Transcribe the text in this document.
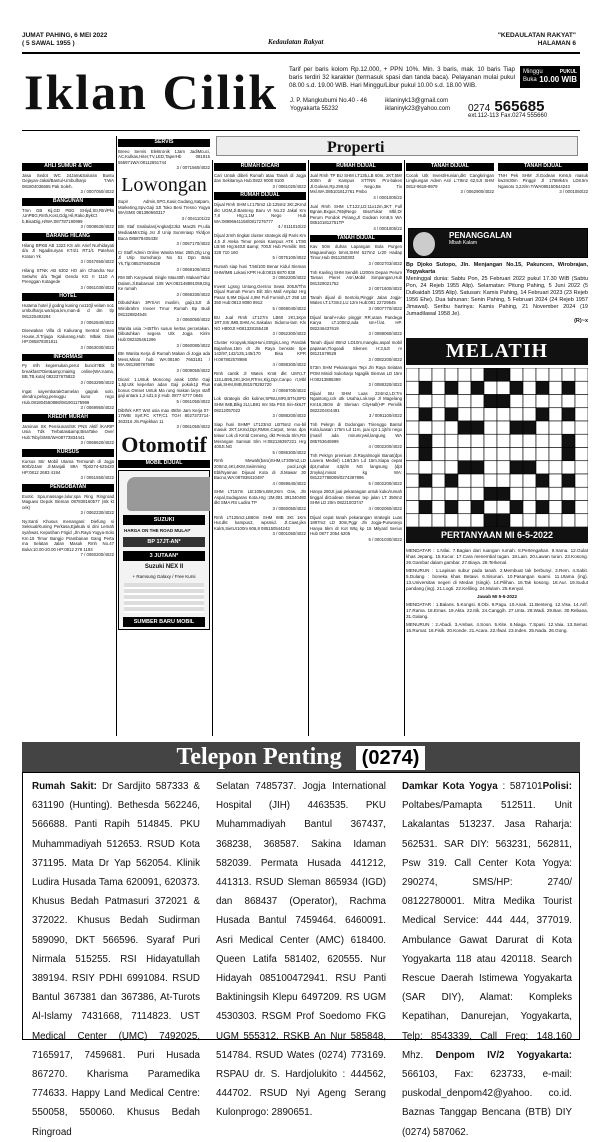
JUMAT PAHING, 6 MEI 2022
( 5 SAWAL 1955 )	Kedaulatan Rakyat
"KEDAULATAN RAKYAT"
HALAMAN 6
Iklan Cilik Tarif per baris kolom Rp.12.000, + PPN 10%. Min. 3 baris, mak. 10 baris Tiap baris terdiri 32 karakter (termasuk spasi dan tanda baca). Pelayanan mulai pukul 08.00 s.d. 19.00 WIB. Hari Minggu/Libur pukul 10.00 s.d. 18.00 WIB.
Minggu
Buka
PUKUL
10.00 WIB
J. P. Mangkubumi No.40 - 46
Yogyakarta 55232
iklaninyk13@gmail.com
iklaninyk23@yahoo.com 0274 565685
ext.112-113 Fax.0274 555660
Properti
AHLI SUMUR & WC
Jasa Sedot WC 24Jam&Saluran Buntu Gejayan-Jakal/Bantul-Umbulharjo T.WA 081804036655 Pak Soleh.
3 / 0007050/4022
BANGUNAN
Tmn GB Kij,GD PBG SHiyd,Str,Rtn/Pks ,UnPBG,Rnth,Kost,Gdg,Hil,Rako,BykCt b,BisaDig,H/WA:087787190999
3 / 0008630/4022
BARANG HILANG
Hilang BPKB AB 1323 KS a/n Arief Nurhidayati d/a Jl Ngadisuryan KT4/1 RT1/1 Patehan Kraton Yk
3 / 0047650/4022
Hilang STNK AB 6302 HO a/n Chandra Nur Setiwhs d/a Tegal Gendu KG II 1110 A Prenggan Kotagede
3 / 0061030/4022
HOTEL
Hutama hotel jl godng kuning no110jl velam no1 umbulharjo.wa:kipa,km,man-di d dm tlp 081225493284
3 / 0062840/4022
Disewakan Villa di Kaliurang Sentral Green House,Jl.Trijuga Kaliurang,Hub: Mbak Dian HP:085878301811
3 / 0063030/4022
INFORMASI
Py mlh kegemukan,perut buncit?Btk fit breakfast?Diet&amp;maintg online(WA:nama, BB,TB,kota) 082237675822
3 / 0063290/4022
Ingat sayembarakGamelan gagrak solo, slendro,pelog,penuggu kuno rego Hub.081804550888/081901175999
3 / 0069950/4022
KREDIT MURAH
Jaminan SK Pensiunan/SK PNS Aktif /KARIP Usia Tdk Terbatas&amp;BisaTake Over Hub:Tsby/SMS/WA08773834441
3 / 0068620/4022
KURSUS
Kursus Stir Mobil Utama Termurah di Jogja 80rb/2Jam Jl.Manjali 89A Tlp0274-625420 HP:0812 2683 4194
3 / 0051550/4022
PENGOBATAN
Exotic Spa,massage,lulur,spa Ring Ringroad Maguwo Depok Sleman 087838160577 (stk kt cek)
3 / 0062230/4022
Ny.Santi Khusus menangani: Diefung si Seksual/Kuning Perkasa,Ejakula si dini Lemah syahwat, Keputihan Frigid ,Jln.Raya Yogya-Solo Km.15 Timur Bangjo Prambanan Gang Perta ma Selatan Jalan Masuk Rmh No.47 Buka:10.00-20.00 HP:0812 278 1193
7 / 0060200/4022
SERVIS
Breeo Servis Elektronik 1Jam JadiMcuci, AC,Kulkas,Hiter,TV,LED,TaperHb 081815 555971WA:08112651744
3 / 0071560/4022
Lowongan
Supir Admin,SPG,Kasir,Gudang,Satpam, Marketing,Spv,Gaji 3Jt Toko Besi Tresno Yogya WA/SMS 081390660317
3 / 0041101/22
Btn Staf Snabulan(Angkat)2Jk2 Max25 Pr,ulia Media&Mrs:Dig Jsr Jl Unip Sunmriasp Yk/djon Baca 085878405438
3 / 0067170/4022
Cr Staff Admin Online Wanita Max: 25th,Dlg Lng Jl Urip Sumoharjo No 51 Dpn Bala Yk,Tlp:085378405438
3 / 0068100/4022
RM Bth Karyawati Single Max40th Makan/Tidur Dalam,Jl.Babarsari 108 WA:082148891059,Dtg Ke rumah
3 / 0068330/4022
Dibutuhkan 3Prt/Art muslim, gaji1,5Jt di Wirobrahm Invoer Tmur Rumah Bp Budi 081328824545
3 / 0060050/4022
Wanita usia :>45Thn susun kertas percetakan. Dibutuhkan segera Utk Jogja Kirim Hub:082325461296
3 / 0060080/4022
Btn Wanita Kerja di Rumah Makan di Jogja ada Mess,Minat hub WA:08190 7663181 / WA:081390787696
3 / 0009050/4022
Dicari: 1.Untuk Moncong anak 10thn Gaji 1,5jt.Utk keperlan adan Gaji pokok1jt Plus bonus Omset Untuk Ma rung makan larys staff gaji antara 1,2 sd1,5 jt Hub: 0877 6777 0845
5 / 0061050/4022
Dibthrk ART Wnt usia max 45thn Jam Kerja 07-17WIB Syrt:FC KTP,C1 TGH 8027373714-363316 Jln.Pajekkan 11
3 / 0061050/4022
Otomotif
MOBIL DIJUAL
SUZUKI
HARGA ON THE ROAD MULAI*
BP 17JT-AN*
3 JUTAAN*
Suzuki NEX II
+ Ramsung Galaxy / Free Kursi
SUMBER BARU MOBIL
RUMAH DICARI
Cari Untuk dibeli Rumah atau Tanah di Jogja dan Sekitarnya Hub:0822 9000 9100
3 / 0061020/4022
RUMAH DIJUAL
Dijual Rmh SHM Lt:175m2 Lb:125m2 3Kt,2Kmd dkt UGM,Jl.Banteng Baru VI No.22 Jakal Km 7,8 Hrg:1,1M Nego Hub WA:08996641158/0817276777
4 / 0111010/22
Dijual 2rmh tingkat cluster strategis dijl Paris Km 4,5 Jl Ateka Timur persis Kampus ATK LT:80 LB:90 Hrg:640Jt &amp; 700Jt Hub Pemilik: 081 328 710 160
5 / 0075100/4022
Rumah siap huni T.56/100 Benar Kidul Sleman SHM/IMB Lokasi KPR Hub:0815 6870 838
3 / 0062200/4022
Invest Lgsng Untung,Gersno Sewa 206Jt/Thn Dijual Rumah Perum Elit Slm Mall Amplaz Hrg Pasar 6,9M Dijual 4,9M Full Furnish,LT 258 LB 350 Hub:0813 8080 8912
5 / 0068040/4022
BU Jual Rmh LT127m LB60 2Kt,1Kpn 1RT,Srtr,IMB,SHM,Ac.Sakalan Sidomo-lam Kls NG H800Jt H081328155428
3 / 0062300/4022
Cluster Kropyak,SiapHuni,Strtgis,Lnng Pandak Bajanhan,15m dr Jln Raya bensste tipe 142/97,142/125,145/170 Bisa KPR H:087802578986
4 / 0088300/4022
Rmh cantik Jl Wates Km8 dkt UMY,LT 115,LB95,2Kt,1KM,RTrns,Klg,Dpr,Canpo rt,Mbl mak,SHM,IMB,081578292720
3 / 0068700/4022
Lok strategis dkt kuliner,SPBU,MRI,BTN,BPD SHM IMB,Blkg 2Lt,LB91 Imr Sta PSS Sin-4k6JT 08212057022
3 / 0088200/4022
Siap huni SHMP LT123m2 LB75m2 mo-bil masuk 2KT,1Kmd,Dpr,RMtm,Carpot, teras dpn telaor Lok di Kmtd Cemeng, dkt Pemda Slm,RS Merangan Samsat Slm H:082136397221 Hrg 400Jt.NG
5 / 0086300/4022
Rmh Mewah(baru)SHM,LT309m2,LD 200m2,4Kt,4KM,Swimming pool,Lngk Ebl/Nyaman Dijuual Kota di Jl.Mawar 30 Bacno,WA:087838410497
4 / 0069640/4022
SHM LT157m LB:105m,BW,2Km Grw, Jln Aspal,Sudagaran Kota,Hrg :2M,081 391340480 dkt SMA RS Ludira TP
3 / 0060050/4022
Rmh LT125m2,LB60m SHM IMB 2Kt 1Km Hut,dkt kampus2, wpsmid. Jl.Cawt,jikn Kalr6,SietUr100m 606,8 085150544243
3 / 0001050/4022
RUMAH DIJUAL
Jual Rmh TP BU SHM LT135,LB 60m, 2KT,5Mr 200m dr Kampus STTNN Pro-bakes Jl.Golean,Rp.299,5jt Nego,Be Tix Msl.WA:085101812761 Pmbo
4 / 0001005/22
Jual Rmh SHM LT:122,LD:11x12m,3KT Full Bgnan,Bxgus,765jtNego BisaTukar Mbl,Dr Perum Pondok Piriang,Jl Godean Km8,5 WA 085101812751TP
4 / 0001005/22
TANAH DIJUAL
Kav 50m dulras Lapangan Bola Purgen Maguwoharjo 5mnt,SHM 527m2 Lr20 Hadap Timur,Hub 0811250303
3 / 0002703/4022
Tnh Kavling SHM Sendih Lt200m Depan Perum Taman Pleret Asri,Mobil Simpangan,Hub 081329021752
3 / 0071600/4022
Tanah dijual di Sentolo,Pinggir Jalan Jogja-Wates LT.173m2,LU 12m Hub:081 22729545
3 / 0007770/4022
Dijual tanah+ruko pinggir RR,utara Pandega Karya LT.100m2,ada sm+f.lat. HP. 082246437619
3 / 0088060/4022
Tanah dijual 80m2 LD10m,mangku,aspal mobil papasan,Tlogoadi Slemen H:3,5Jt m 08121578529
3 / 0082200/4022
573m SHM Pekarangan Tepi Jln Raya Selatan POM Minidi Sukoharjo Ngaglik Sleman LD 15m H:08213885399
3 / 0088320/4022
Dijual BU SHM Luas 224m2,LD:7m Ngantong,cck utk Usaha,Lok.tepi Jl Magelang Km16,350m dr Sleman CityHall(HP Pemilik 0822204G4491
3 / 0091100/4022
Tnh Pekrgn di Godongan Trirenggo Bantul Kota,luasan 175m Ld 11m, juai cpt 1,1jt/m nego (masif ada mirumrywil,langung WA 085763645999
4 / 0002200/4022
Tnh Pekrgn premium Jl.Rayalmogiri Banat(dpn Lavera Mediel) L18/13m Ld 15m.Siapa cepat dpt,mahar 4,5jt/m NG langsung (dpt 2myka).minat kg WA: 081227788009/0274387896
5 / 0002200/4022
Hanya 280Jt juai pekarangan untuk kuko/rumah tinggal diGodean Sleman tep jalan LT 350m2 SHM LD 20m 08221003747
4 / 0002060/4022
Dijual cepat tanah pekarangan strategis Luas 1897m2 LD 30m,Pggr Jln Jogja-Purworejo Hanya 5km dr Kot Wtq kp 15 Milyard Serius Hub 0877 2054 6205
5 / 0001030/4022
TANAH DIJUAL
Cocok Utk Invest/Hunian,dkt Cangkringan Lingkungan Adem Asri L:78m2 62,5Jt SHM 0812-9618-8979
3 / 0062900/4022
TANAH DIJUAL
TNH Pek SHM Jl.Godean Km6,5 masuk kw2m30m Pinggir Jl 175Mk4m LD8.5m Nganoto 3,2Jt/m T/WA085150544243
3 / 0001050/22
PENANGGALAN
Mbah Kalam
Bp Djoko Sutopo, Jln. Menjangan No.15, Pakuncen, Wirobrajan, Yogyakarta
Meninggal dunia: Sabtu Pon, 25 Februari 2022 pukul 17.30 WIB (Sabtu Pon, 24 Rejeb 1955 Alip). Selamatan: Pitung Pahing, 5 Juni 2022 (5 Dulkaidah 1955 Alip). Satusan: Kamis Pahing, 14 Februari 2023 (23 Rejeb 1956 Ehe). Dua tahunan: Senin Pahing, 5 Februari 2024 (24 Rejeb 1957 Jimawal). Seribu harinya: Kamis Pahing, 21 November 2024 (19 Jumadilawal 1958 Je).
(R)~x
MELATIH
PERTANYAAN MI 6-5-2022

MENDATAR : 1.Nilai. 7.Bagian dari ruangan rumah. 8.Pertengahan. 9.Irama. 12.Gulat khas Jepang. 15.Kucur. 17.Cara menembal tugan. 18.Lain. 20.Lawan turun. 23.Kosong. 26.Gambar dalam gambar. 27.Biaya. 28.Terkenal.

MENURUN : 1.Lapisan subur pada tanah. 2.Membuat tak berbunyi. 3.Rem. 4.Sabit. 5.Dulang : boneka khas Betawi. 6.Sisunan. 10.Pasangan suami. 11.Utama (ing). 13.Universitas negeri di Medan (singk). 14.Pilihan. 16.Tak kosong. 18.Aur. 19.Sudut pandang (ing). 21.Logti. 22.Keliling. 24.Mulam. 25.Kenyal.

Jawab MI 5-5-2022

MENDATAR : 1.Balans. 5.Kongsi. 8.Obi. 9.Pagu. 10.Anak. 11.Benteng. 12.Visa. 14.Arif. 17.Rama. 18.Emas. 19.Akta. 22.Itik. 24.Canggih. 27.Unta. 28.Wadi. 29.Ban. 30.Rebana. 31.Galang.

MENURUN : 2.Abadi. 3.Ambas. 4.Soon. 5.Kite. 6.Niaga. 7.Spasi. 12.Vaia. 13.Semat. 15.Rumat. 16.Fisik. 20.Konde. 21.Acara. 22.Ifwal. 23.Inden. 25.Nada. 26.Gong.

Telepon Penting (0274)
Rumah Sakit: Dr Sardjito 587333 & 631190 (Hunting). Bethesda 562246, 566688. Panti Rapih 514845. PKU Muhammadiyah 512653. RSUD Kota 371195. Mata Dr Yap 562054. Klinik Ludira Husada Tama 620091, 620373. Khusus Bedah Patmasuri 372021 & 372022. Khusus Bedah Sudirman 589090, DKT 566596. Syaraf Puri Nirmala 515255. RSI Hidayatullah 389194. RSIY PDHI 6991084. RSUD Bantul 367381 dan 367386, At-Turots Al-Islamy 7431668, 7114823. UST Medical Center (UMC) 7492025, 7165917, 7459681. Puri Husada 867270. Kharisma Paramedika 774633. Happy Land Medical Centre: 550058, 550060. Khusus Bedah Ringroad
Selatan 7485737. Jogja International Hospital (JIH) 4463535. PKU Muhammadiyah Bantul 367437, 368238, 368587. Sakina Idaman 582039. Permata Husada 441212, 441313. RSUD Sleman 865934 (IGD) dan 868437 (Operator), Rachma Husada Bantul 7459464. 6460091. Asri Medical Center (AMC) 618400. Queen Latifa 581402, 620555. Nur Hidayah 085100472941. RSU Panti Baktiningsih Klepu 6497209. RS UGM 4530303. RSGM Prof Soedomo FKG UGM 555312. RSKB An Nur 585848, 514784. RSUD Wates (0274) 773169. RSPAU dr. S. Hardjolukito : 444562, 444702. RSUD Nyi Ageng Serang Kulonprogo: 2890651.
Damkar Kota Yogya : 587101Polisi: Poltabes/Pamapta 512511. Unit Lakalantas 513237. Jasa Raharja: 562531. SAR DIY: 563231, 562811, Psw 319. Call Center Kota Yogya: 290274, SMS/HP: 2740/ 08122780001. Mitra Medika Tourist Medical Service: 444 444, 377019. Ambulance Gawat Darurat di Kota Yogyakarta 118 atau 420118. Search Rescue Daerah Istimewa Yogyakarta (SAR DIY), Alamat: Kompleks Kepatihan, Danurejan, Yogyakarta, Telp: 8543339, Call Freq: 148.160 Mhz. Denpom IV/2 Yogyakarta: 566103, Fax: 623733, e-mail: puskodal_denpom42@yahoo. co.id. Baznas Tanggap Bencana (BTB) DIY (0274) 587062.
